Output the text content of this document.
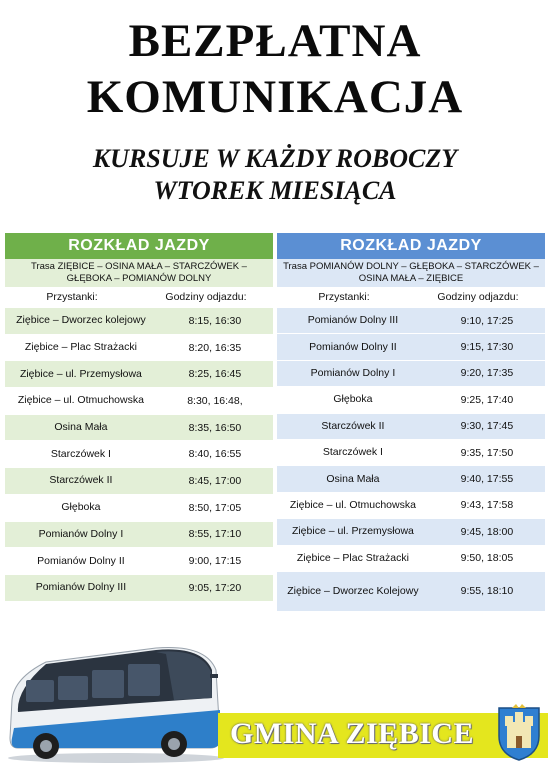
BEZPŁATNA
KOMUNIKACJA
KURSUJE W KAŻDY ROBOCZY
WTOREK MIESIĄCA
ROZKŁAD JAZDY
Trasa ZIĘBICE – OSINA MAŁA – STARCZÓWEK – GŁĘBOKA – POMIANÓW DOLNY
Przystanki:	Godziny odjazdu:
Ziębice – Dworzec kolejowy	8:15, 16:30
Ziębice – Plac Strażacki	8:20, 16:35
Ziębice – ul. Przemysłowa	8:25, 16:45
Ziębice – ul. Otmuchowska	8:30, 16:48,
Osina Mała	8:35, 16:50
Starczówek I	8:40, 16:55
Starczówek II	8:45, 17:00
Głęboka	8:50, 17:05
Pomianów Dolny I	8:55, 17:10
Pomianów Dolny II	9:00, 17:15
Pomianów Dolny III	9:05, 17:20
ROZKŁAD JAZDY
Trasa POMIANÓW DOLNY – GŁĘBOKA – STARCZÓWEK – OSINA MAŁA – ZIĘBICE
Przystanki:	Godziny odjazdu:
Pomianów Dolny III	9:10, 17:25
Pomianów Dolny II	9:15, 17:30
Pomianów Dolny I	9:20, 17:35
Głęboka	9:25, 17:40
Starczówek II	9:30, 17:45
Starczówek I	9:35, 17:50
Osina Mała	9:40, 17:55
Ziębice – ul. Otmuchowska	9:43, 17:58
Ziębice – ul. Przemysłowa	9:45, 18:00
Ziębice – Plac Strażacki	9:50, 18:05
Ziębice – Dworzec Kolejowy	9:55, 18:10
GMINA ZIĘBICE
